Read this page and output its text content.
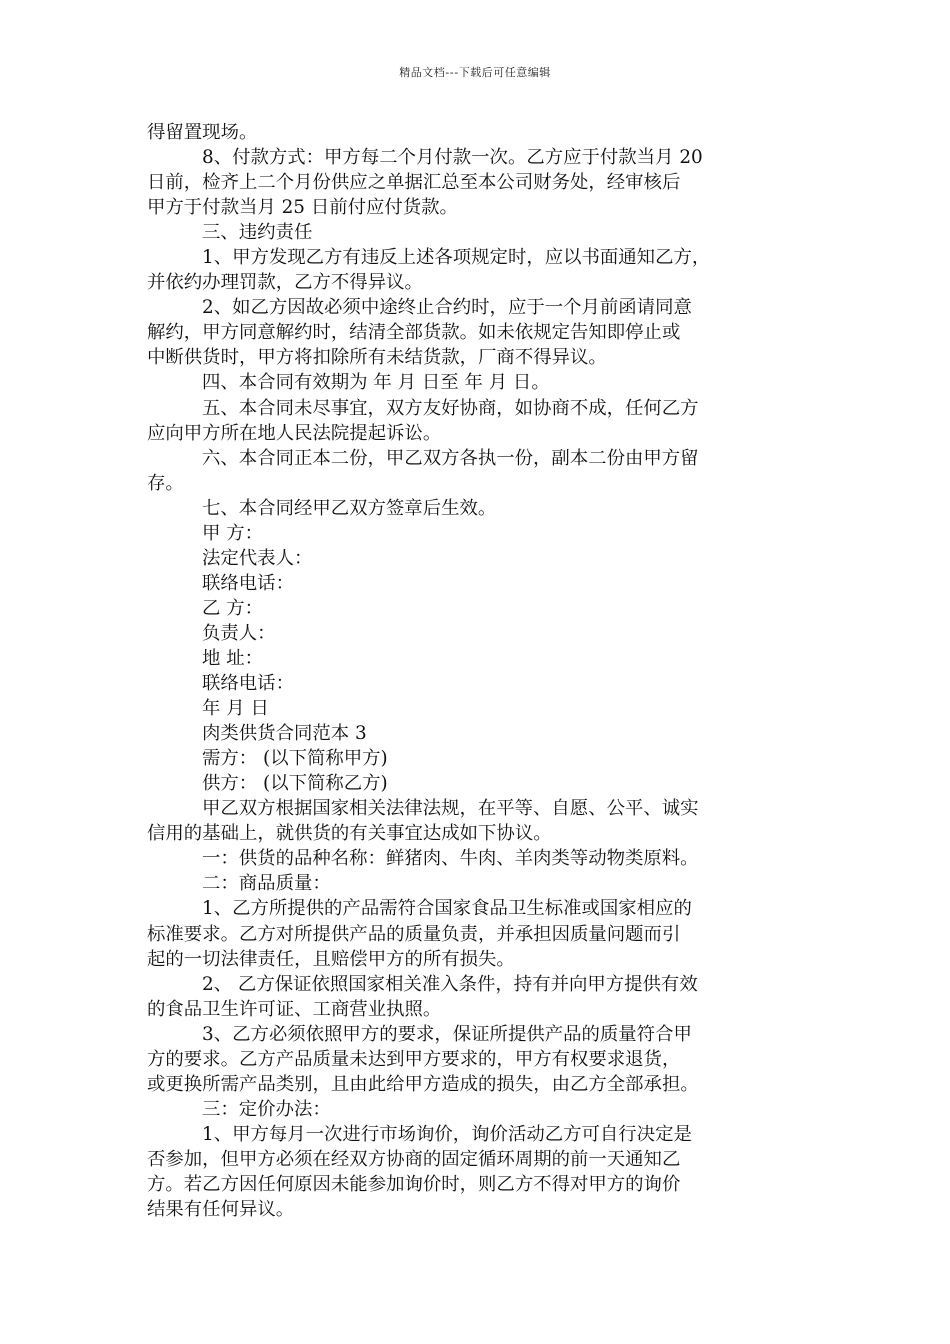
精品文档---下载后可任意编辑
得留置现场。
8、付款方式：甲方每二个月付款一次。乙方应于付款当月 20
日前，检齐上二个月份供应之单据汇总至本公司财务处，经审核后
甲方于付款当月 25 日前付应付货款。
三、违约责任
1、甲方发现乙方有违反上述各项规定时，应以书面通知乙方，
并依约办理罚款，乙方不得异议。
2、如乙方因故必须中途终止合约时，应于一个月前函请同意
解约，甲方同意解约时，结清全部货款。如未依规定告知即停止或
中断供货时，甲方将扣除所有未结货款，厂商不得异议。
四、本合同有效期为 年 月 日至 年 月 日。
五、本合同未尽事宜，双方友好协商，如协商不成，任何乙方
应向甲方所在地人民法院提起诉讼。
六、本合同正本二份，甲乙双方各执一份，副本二份由甲方留
存。
七、本合同经甲乙双方签章后生效。
甲 方：
法定代表人：
联络电话：
乙 方：
负责人：
地 址：
联络电话：
年 月 日
肉类供货合同范本 3
需方： (以下简称甲方)
供方： (以下简称乙方)
甲乙双方根据国家相关法律法规，在平等、自愿、公平、诚实
信用的基础上，就供货的有关事宜达成如下协议。
一：供货的品种名称：鲜猪肉、牛肉、羊肉类等动物类原料。
二：商品质量：
1、乙方所提供的产品需符合国家食品卫生标准或国家相应的
标准要求。乙方对所提供产品的质量负责，并承担因质量问题而引
起的一切法律责任，且赔偿甲方的所有损失。
2、 乙方保证依照国家相关准入条件，持有并向甲方提供有效
的食品卫生许可证、工商营业执照。
3、乙方必须依照甲方的要求，保证所提供产品的质量符合甲
方的要求。乙方产品质量未达到甲方要求的，甲方有权要求退货，
或更换所需产品类别，且由此给甲方造成的损失，由乙方全部承担。
三：定价办法：
1、甲方每月一次进行市场询价，询价活动乙方可自行决定是
否参加，但甲方必须在经双方协商的固定循环周期的前一天通知乙
方。若乙方因任何原因未能参加询价时，则乙方不得对甲方的询价
结果有任何异议。
